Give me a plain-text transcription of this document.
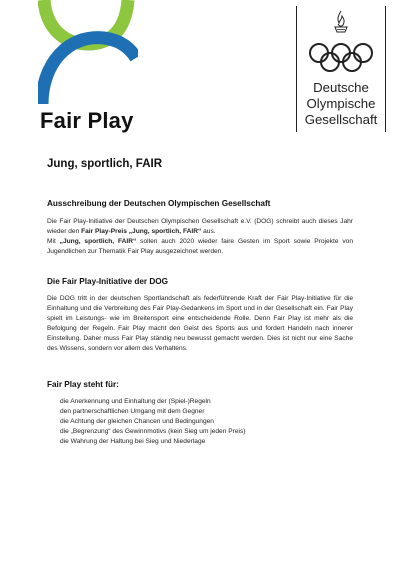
Fair Play
Deutsche
Olympische
Gesellschaft
Jung, sportlich, FAIR
Ausschreibung der Deutschen Olympischen Gesellschaft

Die Fair Play-Initiative der Deutschen Olympischen Gesellschaft e.V. (DOG) schreibt auch dieses Jahr wieder den Fair Play-Preis „Jung, sportlich, FAIR“ aus.

Mit „Jung, sportlich, FAIR“ sollen auch 2020 wieder faire Gesten im Sport sowie Projekte von Jugendlichen zur Thematik Fair Play ausgezeichnet werden.

Die Fair Play-Initiative der DOG

Die DOG tritt in der deutschen Sportlandschaft als federführende Kraft der Fair Play-Initiative für die Einhaltung und die Verbreitung des Fair Play-Gedankens im Sport und in der Gesellschaft ein. Fair Play spielt im Leistungs- wie im Breitensport eine entscheidende Rolle. Denn Fair Play ist mehr als die Befolgung der Regeln. Fair Play macht den Geist des Sports aus und fordert Handeln nach innerer Einstellung. Daher muss Fair Play ständig neu bewusst gemacht werden. Dies ist nicht nur eine Sache des Wissens, sondern vor allem des Verhaltens.

Fair Play steht für:
die Anerkennung und Einhaltung der (Spiel-)Regeln
den partnerschaftlichen Umgang mit dem Gegner
die Achtung der gleichen Chancen und Bedingungen
die „Begrenzung“ des Gewinnmotivs (kein Sieg um jeden Preis)
die Wahrung der Haltung bei Sieg und Niederlage
